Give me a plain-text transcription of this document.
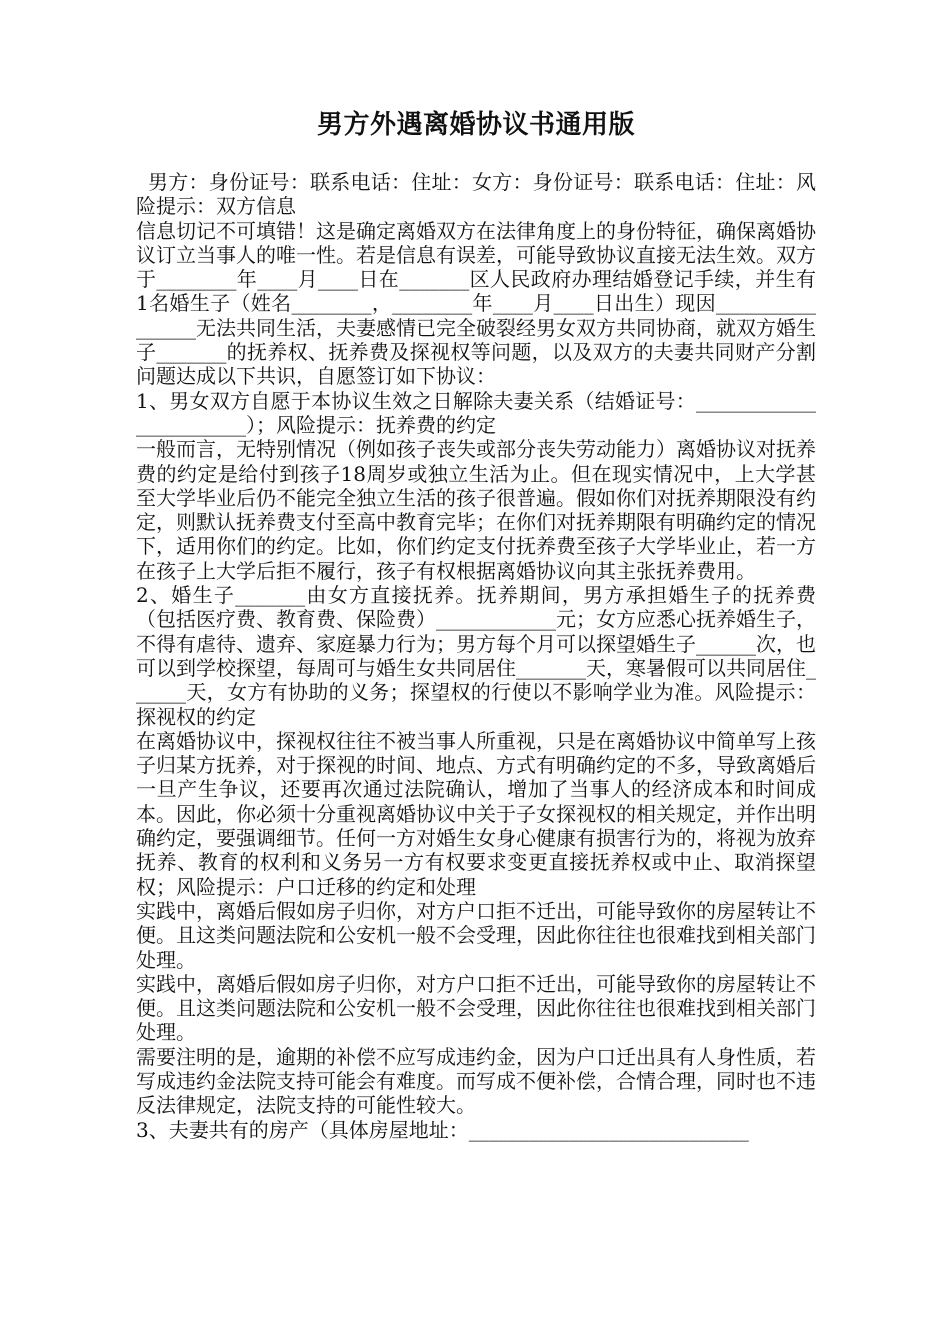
男方外遇离婚协议书通用版

男方：身份证号：联系电话：住址：女方：身份证号：联系电话：住址：风险提示：双方信息

信息切记不可填错！这是确定离婚双方在法律角度上的身份特征，确保离婚协议订立当事人的唯一性。若是信息有误差，可能导致协议直接无法生效。双方于________年____月____日在_______区人民政府办理结婚登记手续，并生有1名婚生子（姓名________，________年____月____日出生）现因________________无法共同生活，夫妻感情已完全破裂经男女双方共同协商，就双方婚生子_______的抚养权、抚养费及探视权等问题，以及双方的夫妻共同财产分割问题达成以下共识，自愿签订如下协议：

1、男女双方自愿于本协议生效之日解除夫妻关系（结婚证号：_______________________）；风险提示：抚养费的约定

一般而言，无特别情况（例如孩子丧失或部分丧失劳动能力）离婚协议对抚养费的约定是给付到孩子18周岁或独立生活为止。但在现实情况中，上大学甚至大学毕业后仍不能完全独立生活的孩子很普遍。假如你们对抚养期限没有约定，则默认抚养费支付至高中教育完毕；在你们对抚养期限有明确约定的情况下，适用你们的约定。比如，你们约定支付抚养费至孩子大学毕业止，若一方在孩子上大学后拒不履行，孩子有权根据离婚协议向其主张抚养费用。

2、婚生子_______由女方直接抚养。抚养期间，男方承担婚生子的抚养费（包括医疗费、教育费、保险费）____________元；女方应悉心抚养婚生子，不得有虐待、遗弃、家庭暴力行为；男方每个月可以探望婚生子______次，也可以到学校探望，每周可与婚生女共同居住_______天，寒暑假可以共同居住______天，女方有协助的义务；探望权的行使以不影响学业为准。风险提示：探视权的约定

在离婚协议中，探视权往往不被当事人所重视，只是在离婚协议中简单写上孩子归某方抚养，对于探视的时间、地点、方式有明确约定的不多，导致离婚后一旦产生争议，还要再次通过法院确认，增加了当事人的经济成本和时间成本。因此，你必须十分重视离婚协议中关于子女探视权的相关规定，并作出明确约定，要强调细节。任何一方对婚生女身心健康有损害行为的，将视为放弃抚养、教育的权利和义务另一方有权要求变更直接抚养权或中止、取消探望权；风险提示：户口迁移的约定和处理

实践中，离婚后假如房子归你，对方户口拒不迁出，可能导致你的房屋转让不便。且这类问题法院和公安机一般不会受理，因此你往往也很难找到相关部门处理。

实践中，离婚后假如房子归你，对方户口拒不迁出，可能导致你的房屋转让不便。且这类问题法院和公安机一般不会受理，因此你往往也很难找到相关部门处理。

需要注明的是，逾期的补偿不应写成违约金，因为户口迁出具有人身性质，若写成违约金法院支持可能会有难度。而写成不便补偿，合情合理，同时也不违反法律规定，法院支持的可能性较大。

3、夫妻共有的房产（具体房屋地址：____________________________
